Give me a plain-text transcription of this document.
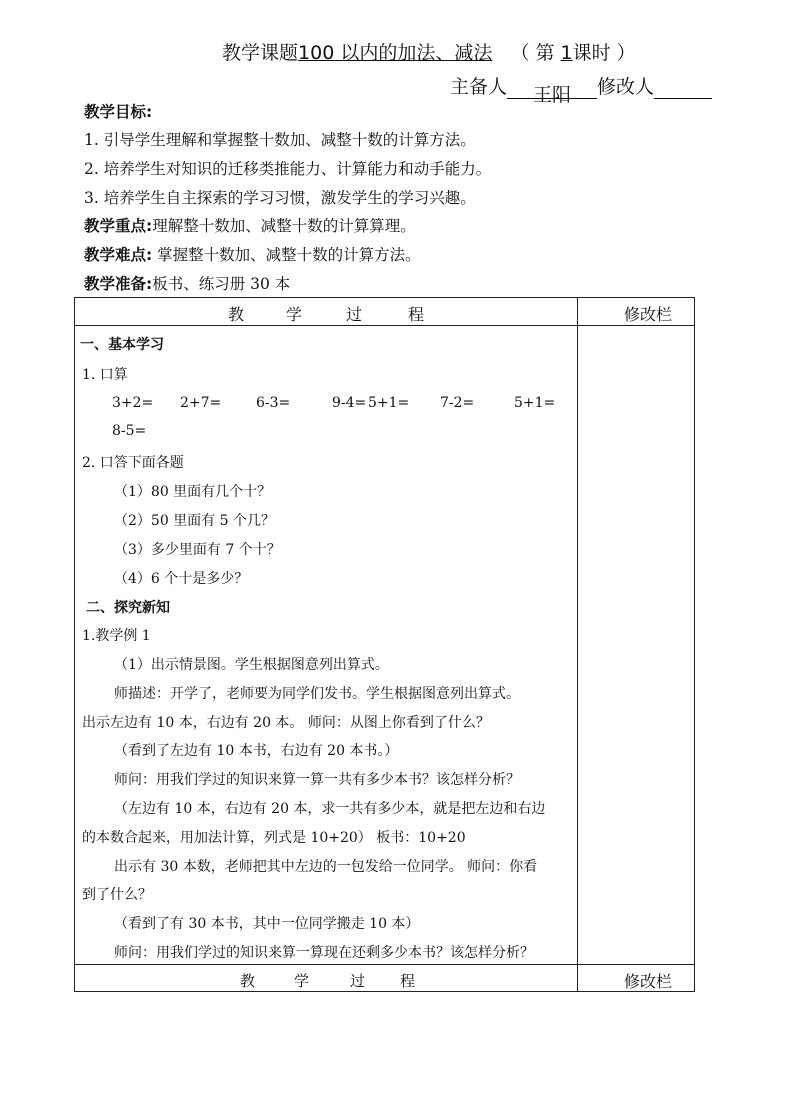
教学课题100 以内的加法、减法 （ 第 1课时 ）
主备人 王阳 修改人
教学目标:
1. 引导学生理解和掌握整十数加、减整十数的计算方法。
2. 培养学生对知识的迁移类推能力、计算能力和动手能力。
3. 培养学生自主探索的学习习惯，激发学生的学习兴趣。
教学重点:理解整十数加、减整十数的计算算理。
教学难点: 掌握整十数加、减整十数的计算方法。
教学准备:板书、练习册 30 本
教	学	过	程	修改栏
一、基本学习
1. 口算
3+2= 2+7= 6-3=	9-4= 5+1= 7-2=	5+1=
8-5=
2. 口答下面各题
（1）80 里面有几个十？
（2）50 里面有 5 个几？
（3）多少里面有 7 个十？
（4）6 个十是多少？
二、探究新知
1.教学例 1
（1）出示情景图。学生根据图意列出算式。
师描述：开学了，老师要为同学们发书。学生根据图意列出算式。
出示左边有 10 本，右边有 20 本。 师问：从图上你看到了什么？
（看到了左边有 10 本书，右边有 20 本书。）
师问：用我们学过的知识来算一算一共有多少本书？该怎样分析？
（左边有 10 本，右边有 20 本，求一共有多少本，就是把左边和右边
的本数合起来，用加法计算，列式是 10+20） 板书：10+20
出示有 30 本数，老师把其中左边的一包发给一位同学。 师问：你看
到了什么？
（看到了有 30 本书，其中一位同学搬走 10 本）
师问：用我们学过的知识来算一算现在还剩多少本书？该怎样分析？
教	学	过 程	修改栏
